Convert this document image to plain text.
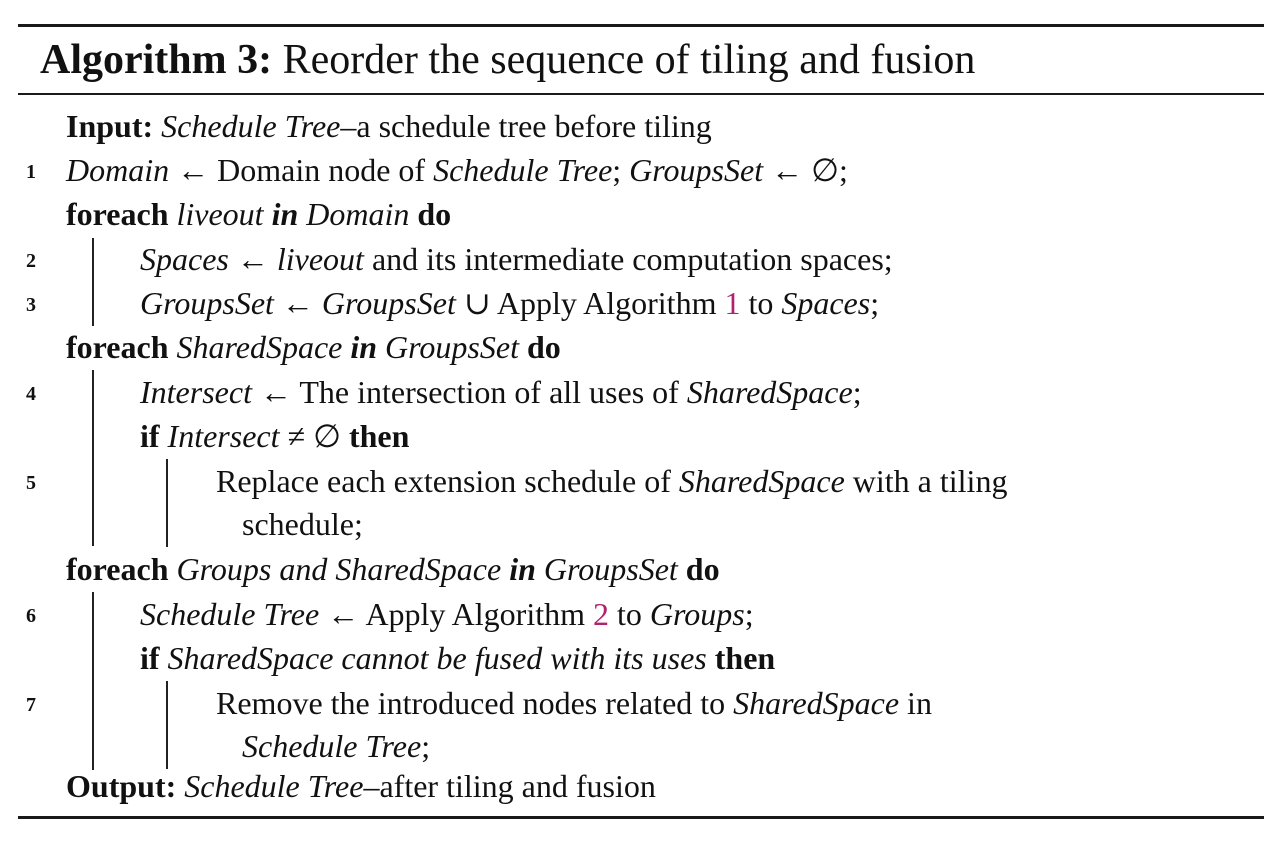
Algorithm 3: Reorder the sequence of tiling and fusion
Input: Schedule Tree–a schedule tree before tiling
1 Domain ← Domain node of Schedule Tree; GroupsSet ← ∅;
foreach liveout in Domain do
2	Spaces ← liveout and its intermediate computation spaces;
3	GroupsSet ← GroupsSet ∪ Apply Algorithm 1 to Spaces;
foreach SharedSpace in GroupsSet do
4	Intersect ← The intersection of all uses of SharedSpace;
if Intersect ≠ ∅ then
5	Replace each extension schedule of SharedSpace with a tiling
schedule;
foreach Groups and SharedSpace in GroupsSet do
6	Schedule Tree ← Apply Algorithm 2 to Groups;
if SharedSpace cannot be fused with its uses then
7	Remove the introduced nodes related to SharedSpace in
Schedule Tree;
Output: Schedule Tree–after tiling and fusion
